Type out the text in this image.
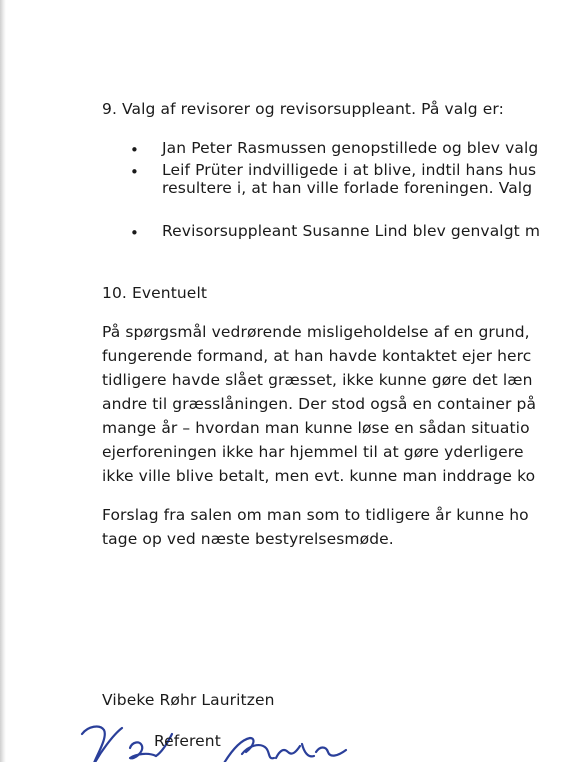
9. Valg af revisorer og revisorsuppleant. På valg er:
• Jan Peter Rasmussen genopstillede og blev valg
• Leif Prüter indvilligede i at blive, indtil hans hus
resultere i, at han ville forlade foreningen. Valg
• Revisorsuppleant Susanne Lind blev genvalgt m
10. Eventuelt
På spørgsmål vedrørende misligeholdelse af en grund,
fungerende formand, at han havde kontaktet ejer herc
tidligere havde slået græsset, ikke kunne gøre det læn
andre til græsslåningen. Der stod også en container på
mange år – hvordan man kunne løse en sådan situatio
ejerforeningen ikke har hjemmel til at gøre yderligere
ikke ville blive betalt, men evt. kunne man inddrage ko
Forslag fra salen om man som to tidligere år kunne ho
tage op ved næste bestyrelsesmøde.
Vibeke Røhr Lauritzen
Referent
